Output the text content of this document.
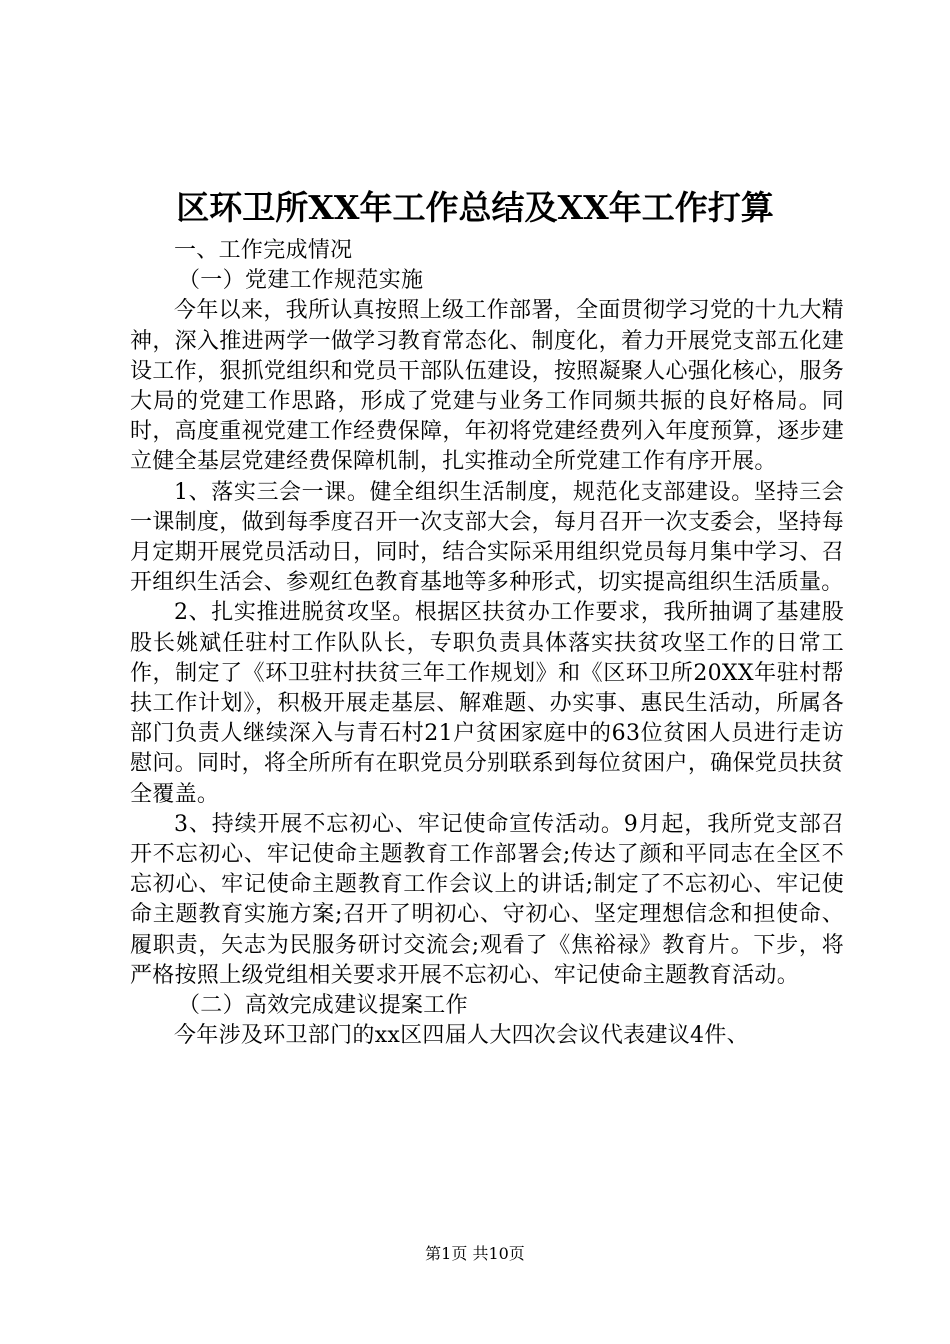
区环卫所XX年工作总结及XX年工作打算
一、工作完成情况
（一）党建工作规范实施

今年以来，我所认真按照上级工作部署，全面贯彻学习党的十九大精神，深入推进两学一做学习教育常态化、制度化，着力开展党支部五化建设工作，狠抓党组织和党员干部队伍建设，按照凝聚人心强化核心，服务大局的党建工作思路，形成了党建与业务工作同频共振的良好格局。同时，高度重视党建工作经费保障，年初将党建经费列入年度预算，逐步建立健全基层党建经费保障机制，扎实推动全所党建工作有序开展。

1、落实三会一课。健全组织生活制度，规范化支部建设。坚持三会一课制度，做到每季度召开一次支部大会，每月召开一次支委会，坚持每月定期开展党员活动日，同时，结合实际采用组织党员每月集中学习、召开组织生活会、参观红色教育基地等多种形式，切实提高组织生活质量。

2、扎实推进脱贫攻坚。根据区扶贫办工作要求，我所抽调了基建股股长姚斌任驻村工作队队长，专职负责具体落实扶贫攻坚工作的日常工作，制定了《环卫驻村扶贫三年工作规划》和《区环卫所20XX年驻村帮扶工作计划》，积极开展走基层、解难题、办实事、惠民生活动，所属各部门负责人继续深入与青石村21户贫困家庭中的63位贫困人员进行走访慰问。同时，将全所所有在职党员分别联系到每位贫困户，确保党员扶贫全覆盖。

3、持续开展不忘初心、牢记使命宣传活动。9月起，我所党支部召开不忘初心、牢记使命主题教育工作部署会;传达了颜和平同志在全区不忘初心、牢记使命主题教育工作会议上的讲话;制定了不忘初心、牢记使命主题教育实施方案;召开了明初心、守初心、坚定理想信念和担使命、履职责，矢志为民服务研讨交流会;观看了《焦裕禄》教育片。下步，将严格按照上级党组相关要求开展不忘初心、牢记使命主题教育活动。

（二）高效完成建议提案工作

今年涉及环卫部门的xx区四届人大四次会议代表建议4件、

第1页 共10页
